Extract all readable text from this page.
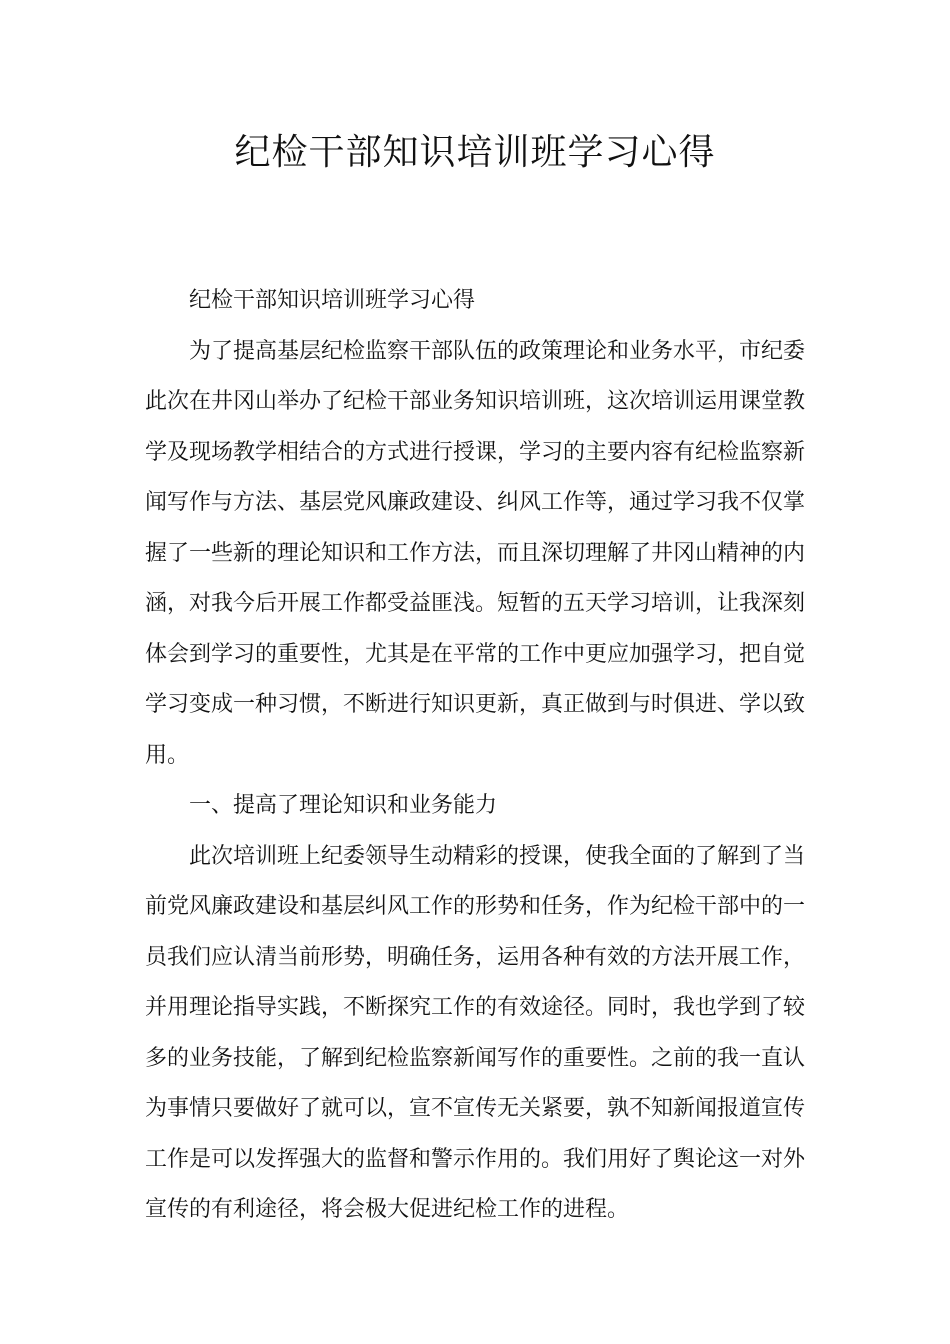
纪检干部知识培训班学习心得

纪检干部知识培训班学习心得

为了提高基层纪检监察干部队伍的政策理论和业务水平，市纪委此次在井冈山举办了纪检干部业务知识培训班，这次培训运用课堂教学及现场教学相结合的方式进行授课，学习的主要内容有纪检监察新闻写作与方法、基层党风廉政建设、纠风工作等，通过学习我不仅掌握了一些新的理论知识和工作方法，而且深切理解了井冈山精神的内涵，对我今后开展工作都受益匪浅。短暂的五天学习培训，让我深刻体会到学习的重要性，尤其是在平常的工作中更应加强学习，把自觉学习变成一种习惯，不断进行知识更新，真正做到与时俱进、学以致用。

一、提高了理论知识和业务能力

此次培训班上纪委领导生动精彩的授课，使我全面的了解到了当前党风廉政建设和基层纠风工作的形势和任务，作为纪检干部中的一员我们应认清当前形势，明确任务，运用各种有效的方法开展工作，并用理论指导实践，不断探究工作的有效途径。同时，我也学到了较多的业务技能，了解到纪检监察新闻写作的重要性。之前的我一直认为事情只要做好了就可以，宣不宣传无关紧要，孰不知新闻报道宣传工作是可以发挥强大的监督和警示作用的。我们用好了舆论这一对外宣传的有利途径，将会极大促进纪检工作的进程。
